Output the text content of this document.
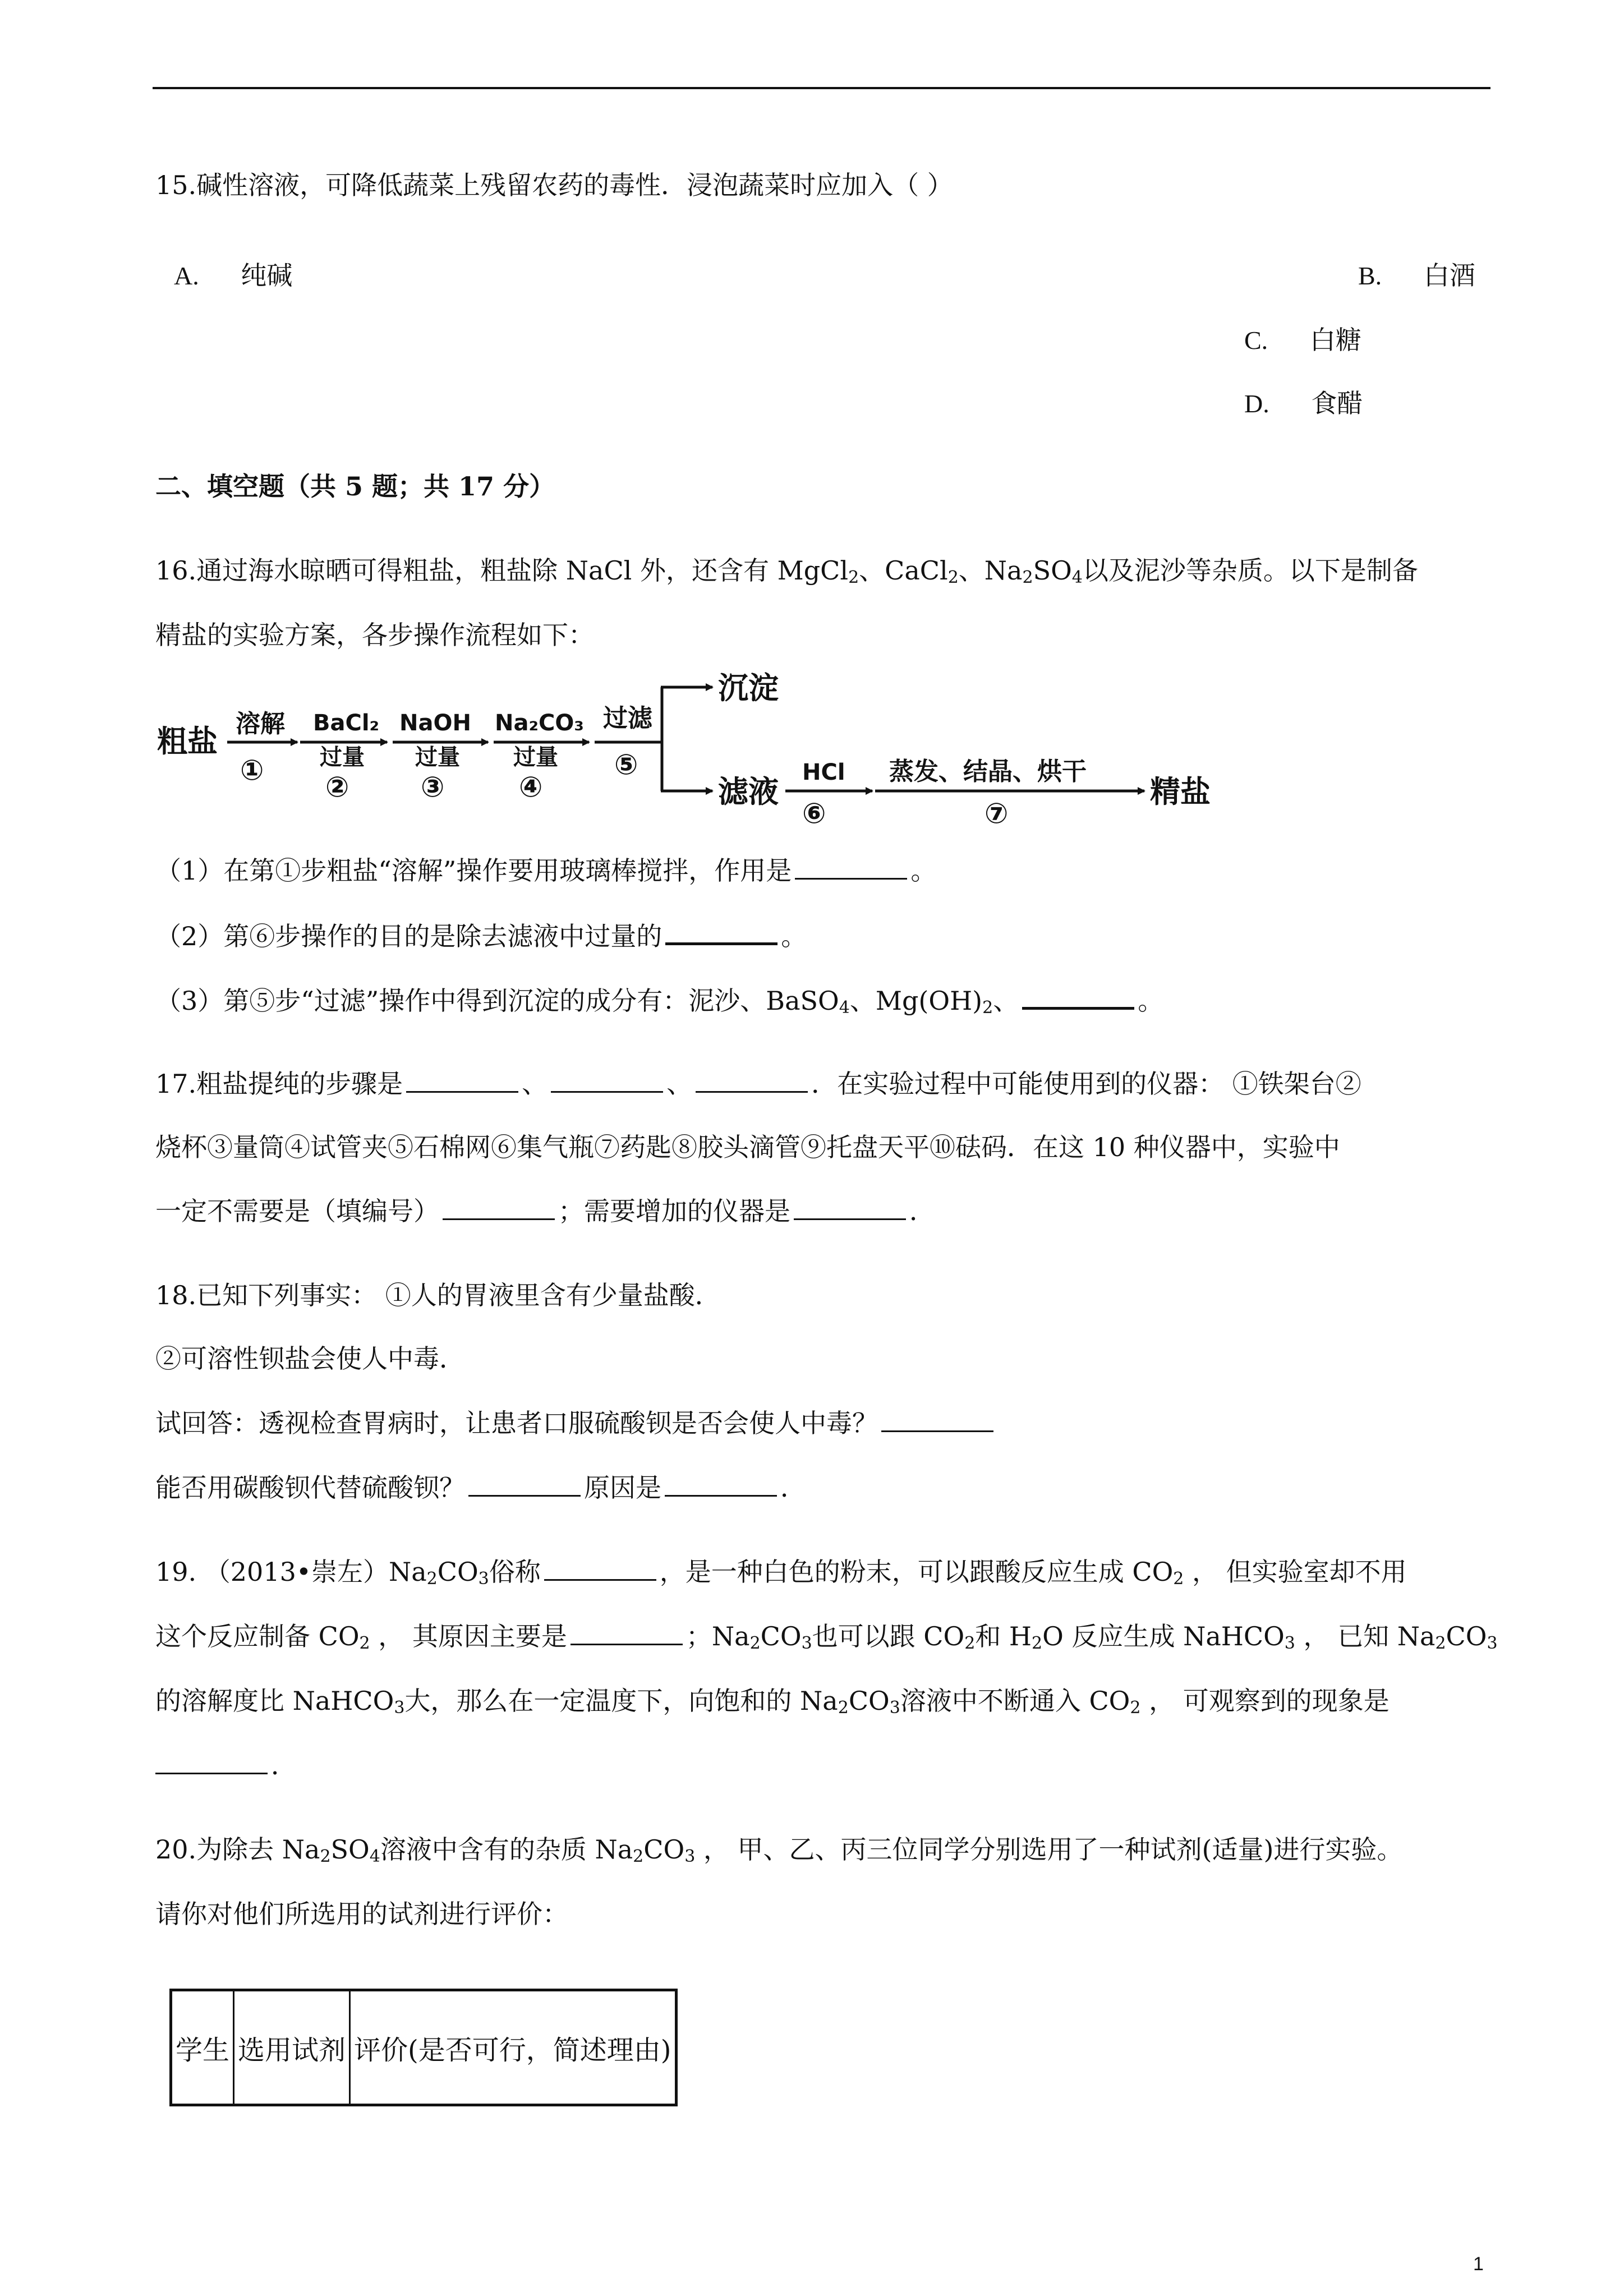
15.碱性溶液，可降低蔬菜上残留农药的毒性．浸泡蔬菜时应加入（ ）
A. 纯碱	B. 白酒
C. 白糖
D. 食醋
二、填空题（共 5 题；共 17 分）
16.通过海水晾晒可得粗盐，粗盐除 NaCl 外，还含有 MgCl$_2$、CaCl$_2$、$Na_2SO_4$以及泥沙等杂质。以下是制备
精盐的实验方案，各步操作流程如下：
粗盐 溶解
①
BaCl₂
过量
②
NaOH
过量
③
Na₂CO₃
过量
④
过滤
⑤
沉淀
滤液
HCl
⑥
蒸发、结晶、烘干
⑦
精盐
（1）在第①步粗盐“溶解”操作要用玻璃棒搅拌，作用是	。
（2）第⑥步操作的目的是除去滤液中过量的	。
（3）第⑤步“过滤”操作中得到沉淀的成分有：泥沙、BaSO$_4$、$Mg(OH)_2$、	。
17.粗盐提纯的步骤是	、	、	．在实验过程中可能使用到的仪器： ①铁架台②
烧杯③量筒④试管夹⑤石棉网⑥集气瓶⑦药匙⑧胶头滴管⑨托盘天平⑩砝码．在这 10 种仪器中，实验中
一定不需要是（填编号）	；需要增加的仪器是	．
18.已知下列事实： ①人的胃液里含有少量盐酸．
②可溶性钡盐会使人中毒．
试回答：透视检查胃病时，让患者口服硫酸钡是否会使人中毒？
能否用碳酸钡代替硫酸钡？	原因是	．
19. （2013•崇左）$Na_2CO_3$俗称	，是一种白色的粉末，可以跟酸反应生成 $CO_2$ ， 但实验室却不用
这个反应制备 $CO_2$ ， 其原因主要是	；$Na_2CO_3$也可以跟 $CO_2$和 $H_2O$ 反应生成 NaHCO$_3$ ， 已知 $Na_2CO_3$
的溶解度比 NaHCO$_3$大，那么在一定温度下，向饱和的 $Na_2CO_3$溶液中不断通入 $CO_2$ ， 可观察到的现象是
．
20.为除去 $Na_2SO_4$溶液中含有的杂质 $Na_2CO_3$ ， 甲、乙、丙三位同学分别选用了一种试剂(适量)进行实验。
请你对他们所选用的试剂进行评价：
学生	选用试剂	评价(是否可行，简述理由)
1
